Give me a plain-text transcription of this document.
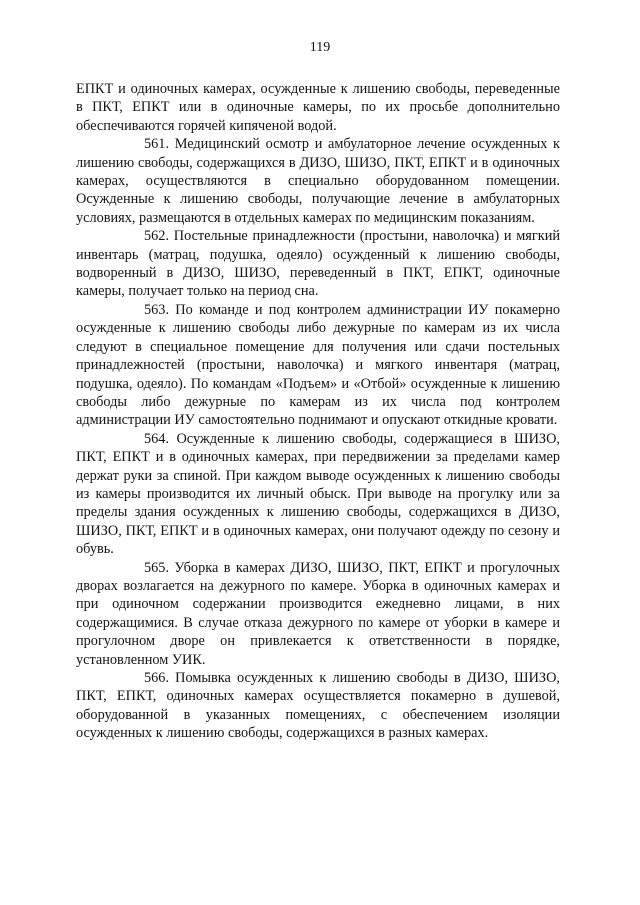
119

ЕПКТ и одиночных камерах, осужденные к лишению свободы, переведенные в ПКТ, ЕПКТ или в одиночные камеры, по их просьбе дополнительно обеспечиваются горячей кипяченой водой.

561. Медицинский осмотр и амбулаторное лечение осужденных к лишению свободы, содержащихся в ДИЗО, ШИЗО, ПКТ, ЕПКТ и в одиночных камерах, осуществляются в специально оборудованном помещении. Осужденные к лишению свободы, получающие лечение в амбулаторных условиях, размещаются в отдельных камерах по медицинским показаниям.

562. Постельные принадлежности (простыни, наволочка) и мягкий инвентарь (матрац, подушка, одеяло) осужденный к лишению свободы, водворенный в ДИЗО, ШИЗО, переведенный в ПКТ, ЕПКТ, одиночные камеры, получает только на период сна.

563. По команде и под контролем администрации ИУ покамерно осужденные к лишению свободы либо дежурные по камерам из их числа следуют в специальное помещение для получения или сдачи постельных принадлежностей (простыни, наволочка) и мягкого инвентаря (матрац, подушка, одеяло). По командам «Подъем» и «Отбой» осужденные к лишению свободы либо дежурные по камерам из их числа под контролем администрации ИУ самостоятельно поднимают и опускают откидные кровати.

564. Осужденные к лишению свободы, содержащиеся в ШИЗО, ПКТ, ЕПКТ и в одиночных камерах, при передвижении за пределами камер держат руки за спиной. При каждом выводе осужденных к лишению свободы из камеры производится их личный обыск. При выводе на прогулку или за пределы здания осужденных к лишению свободы, содержащихся в ДИЗО, ШИЗО, ПКТ, ЕПКТ и в одиночных камерах, они получают одежду по сезону и обувь.

565. Уборка в камерах ДИЗО, ШИЗО, ПКТ, ЕПКТ и прогулочных дворах возлагается на дежурного по камере. Уборка в одиночных камерах и при одиночном содержании производится ежедневно лицами, в них содержащимися. В случае отказа дежурного по камере от уборки в камере и прогулочном дворе он привлекается к ответственности в порядке, установленном УИК.

566. Помывка осужденных к лишению свободы в ДИЗО, ШИЗО, ПКТ, ЕПКТ, одиночных камерах осуществляется покамерно в душевой, оборудованной в указанных помещениях, с обеспечением изоляции осужденных к лишению свободы, содержащихся в разных камерах.
